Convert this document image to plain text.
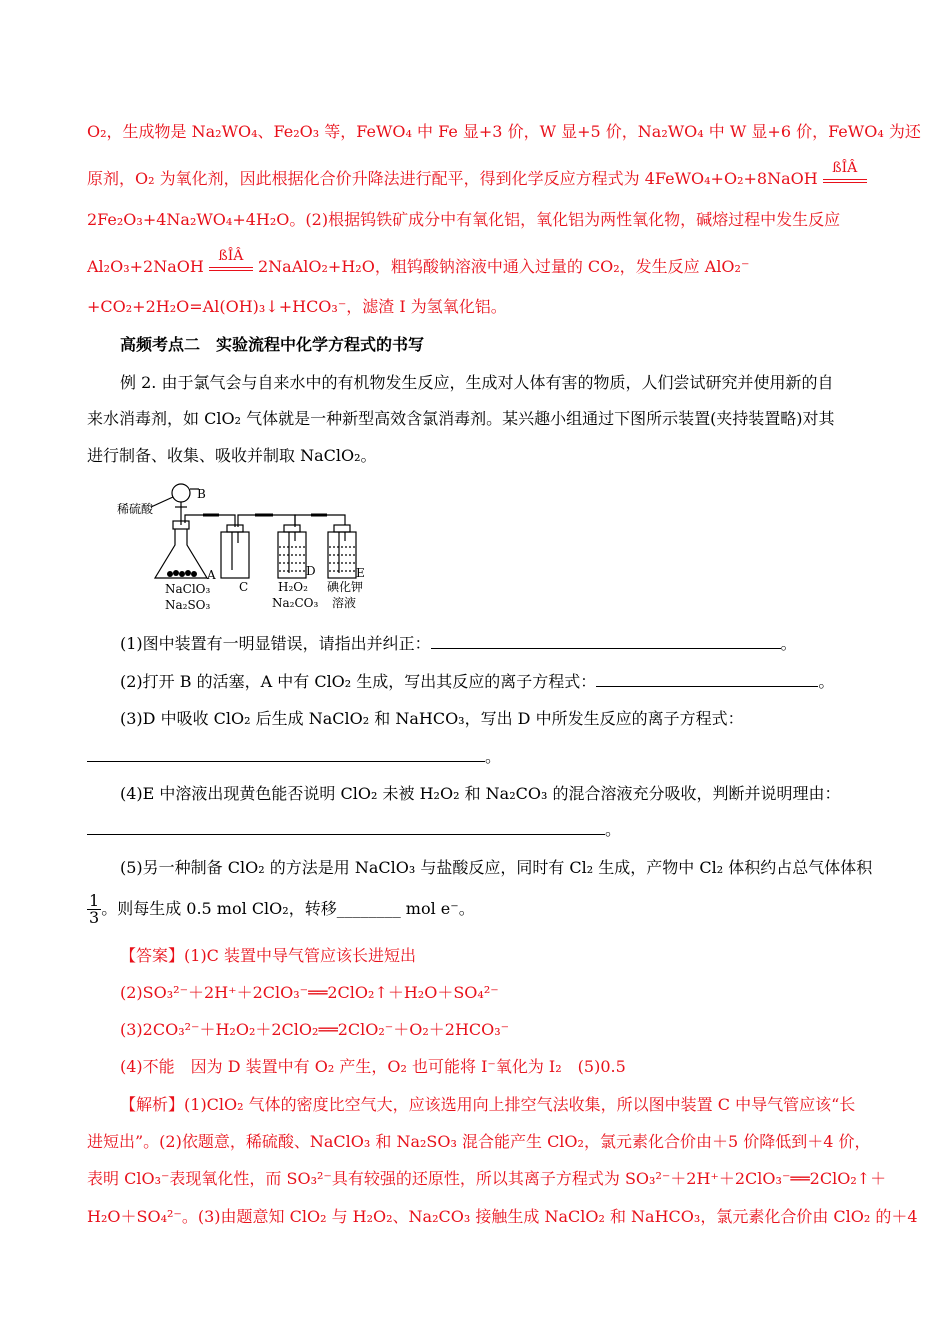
O₂，生成物是 Na₂WO₄、Fe₂O₃ 等，FeWO₄ 中 Fe 显+3 价，W 显+5 价，Na₂WO₄ 中 W 显+6 价，FeWO₄ 为还
原剂，O₂ 为氧化剂，因此根据化合价升降法进行配平，得到化学反应方程式为 4FeWO₄+O₂+8NaOH
ßÎÂ
2Fe₂O₃+4Na₂WO₄+4H₂O。(2)根据钨铁矿成分中有氧化铝，氧化铝为两性氧化物，碱熔过程中发生反应
Al₂O₃+2NaOH
ßÎÂ
2NaAlO₂+H₂O，粗钨酸钠溶液中通入过量的 CO₂，发生反应 AlO₂⁻
+CO₂+2H₂O=Al(OH)₃↓+HCO₃⁻，滤渣 I 为氢氧化铝。
高频考点二　实验流程中化学方程式的书写
例 2. 由于氯气会与自来水中的有机物发生反应，生成对人体有害的物质，人们尝试研究并使用新的自
来水消毒剂，如 ClO₂ 气体就是一种新型高效含氯消毒剂。某兴趣小组通过下图所示装置(夹持装置略)对其
进行制备、收集、吸收并制取 NaClO₂。
稀硫酸
B
A
NaClO₃
Na₂SO₃
C
D
H₂O₂
Na₂CO₃
E
碘化钾
溶液
(1)图中装置有一明显错误，请指出并纠正：	。
(2)打开 B 的活塞，A 中有 ClO₂ 生成，写出其反应的离子方程式：	。
(3)D 中吸收 ClO₂ 后生成 NaClO₂ 和 NaHCO₃，写出 D 中所发生反应的离子方程式：
。
(4)E 中溶液出现黄色能否说明 ClO₂ 未被 H₂O₂ 和 Na₂CO₃ 的混合溶液充分吸收，判断并说明理由：
。
(5)另一种制备 ClO₂ 的方法是用 NaClO₃ 与盐酸反应，同时有 Cl₂ 生成，产物中 Cl₂ 体积约占总气体体积
$\frac{1}{3}$ 。则每生成 0.5 mol ClO₂，转移________ mol e⁻。
【答案】(1)C 装置中导气管应该长进短出
(2)SO₃²⁻＋2H⁺＋2ClO₃⁻══2ClO₂↑＋H₂O＋SO₄²⁻
(3)2CO₃²⁻＋H₂O₂＋2ClO₂══2ClO₂⁻＋O₂＋2HCO₃⁻
(4)不能　因为 D 装置中有 O₂ 产生，O₂ 也可能将 I⁻氧化为 I₂　(5)0.5
【解析】(1)ClO₂ 气体的密度比空气大，应该选用向上排空气法收集，所以图中装置 C 中导气管应该“长
进短出”。(2)依题意，稀硫酸、NaClO₃ 和 Na₂SO₃ 混合能产生 ClO₂，氯元素化合价由＋5 价降低到＋4 价，
表明 ClO₃⁻表现氧化性，而 SO₃²⁻具有较强的还原性，所以其离子方程式为 SO₃²⁻＋2H⁺＋2ClO₃⁻══2ClO₂↑＋
H₂O＋SO₄²⁻。(3)由题意知 ClO₂ 与 H₂O₂、Na₂CO₃ 接触生成 NaClO₂ 和 NaHCO₃，氯元素化合价由 ClO₂ 的＋4
